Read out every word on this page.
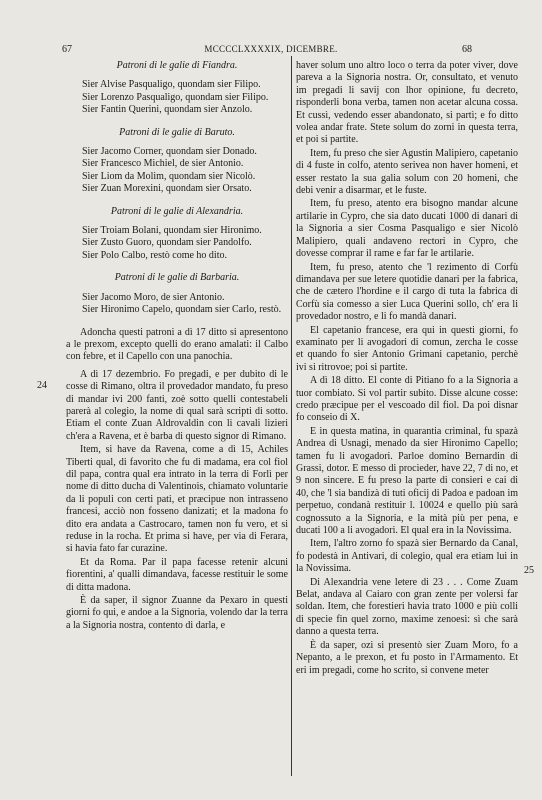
67	MCCCCLXXXXIX, DICEMBRE.	68
24
25
Patroni di le galie di Fiandra.
Sier Alvise Pasqualigo, quondam sier Filipo.
Sier Lorenzo Pasqualigo, quondam sier Filipo.
Sier Fantin Querini, quondam sier Anzolo.
Patroni di le galie di Baruto.
Sier Jacomo Corner, quondam sier Donado.
Sier Francesco Michiel, de sier Antonio.
Sier Liom da Molim, quondam sier Nicolò.
Sier Zuan Morexini, quondam sier Orsato.
Patroni di le galie di Alexandria.
Sier Troiam Bolani, quondam sier Hironimo.
Sier Zusto Guoro, quondam sier Pandolfo.
Sier Polo Calbo, restò come ho dito.
Patroni di le galie di Barbaria.
Sier Jacomo Moro, de sier Antonio.
Sier Hironimo Capelo, quondam sier Carlo, restò.

Adoncha questi patroni a dì 17 ditto si apresentono a le prexom, excepto quelli do erano amalati: il Calbo con febre, et il Capello con una panochia.

A dì 17 dezembrio. Fo pregadi, e per dubito di le cosse di Rimano, oltra il provedador mandato, fu preso di mandar ivi 200 fanti, zoè sotto quelli contestabeli parerà al colegio, la nome di qual sarà scripti di sotto. Etiam el conte Zuan Aldrovaldin con li cavali lizieri ch'era a Ravena, et è barba di questo signor di Rimano.

Item, si have da Ravena, come a dì 15, Achiles Tiberti qual, di favorito che fu di madama, era col fiol dil papa, contra qual era intrato in la terra di Forlì per nome di ditto ducha di Valentinois, chiamato voluntarie da li populi con certi pati, et præcipue non intrasseno francesi, acciò non fosseno danizati; et la madona fo dito era andata a Castrocaro, tamen non fu vero, et si reduse in la rocha. Et prima si have, per via di Ferara, si havia fato far curazine.

Et da Roma. Par il papa facesse retenir alcuni fiorentini, a' qualli dimandava, facesse restituir le some di ditta madona.

È da saper, il signor Zuanne da Pexaro in questi giorni fo qui, e andoe a la Signoria, volendo dar la terra a la Signoria nostra, contento di darla, e

haver solum uno altro loco o terra da poter viver, dove pareva a la Signoria nostra. Or, consultato, et venuto im pregadi li savij con lhor opinione, fu decreto, risponderli bona verba, tamen non acetar alcuna cossa. Et cussì, vedendo esser abandonato, si partì; e fo ditto volea andar frate. Stete solum do zorni in questa terra, et poi si partite.

Item, fu preso che sier Agustin Malipiero, capetanio di 4 fuste in colfo, atento serivea non haver homeni, et esser restato la sua galia solum con 20 homeni, che debi venir a disarmar, et le fuste.

Item, fu preso, atento era bisogno mandar alcune artilarie in Cypro, che sia dato ducati 1000 di danari di la Signoria a sier Cosma Pasqualigo e sier Nicolò Malipiero, quali andaveno rectori in Cypro, che dovesse comprar il rame e far far le artilarie.

Item, fu preso, atento che 'l rezimento di Corfù dimandava per sue letere quotidie danari per la fabrica, che de cætero l'hordine e il cargo di tuta la fabrica di Corfù sia comesso a sier Luca Querini sollo, ch' era li provedador nostro, e li fo mandà danari.

El capetanio francese, era qui in questi giorni, fo examinato per li avogadori di comun, zercha le cosse et quando fo sier Antonio Grimani capetanio, perchè ivi si ritrovoe; poi si partite.

A dì 18 ditto. El conte di Pitiano fo a la Signoria a tuor combiato. Si vol partir subito. Disse alcune cosse: credo præcipue per el vescoado dil fiol. Da poi disnar fo conseio di X.

E in questa matina, in quarantia criminal, fu spazà Andrea di Usnagi, menado da sier Hironimo Capello; tamen fu li avogadori. Parloe domino Bernardin di Grassi, dotor. E messo di procieder, have 22, 7 di no, et 9 non sincere. E fu preso la parte di consieri e cai di 40, che 'l sia bandizà di tuti oficij di Padoa e padoan im perpetuo, condanà restituir l. 10024 e quello più sarà cognossuto a la Signoria, e la mità più per pena, e ducati 100 a li avogadori. El qual era in la Novissima.

Item, l'altro zorno fo spazà sier Bernardo da Canal, fo podestà in Antivari, di colegio, qual era etiam lui in la Novissima.

Di Alexandria vene letere di 23 . . . Come Zuam Belat, andava al Caiaro con gran zente per volersi far soldan. Item, che forestieri havia trato 1000 e più colli di specie fin quel zorno, maxime zenoesi: sì che sarà danno a questa terra.

È da saper, ozi si presentò sier Zuam Moro, fo a Nepanto, a le prexon, et fu posto in l'Armamento. Et eri im pregadi, come ho scrito, si convene meter
